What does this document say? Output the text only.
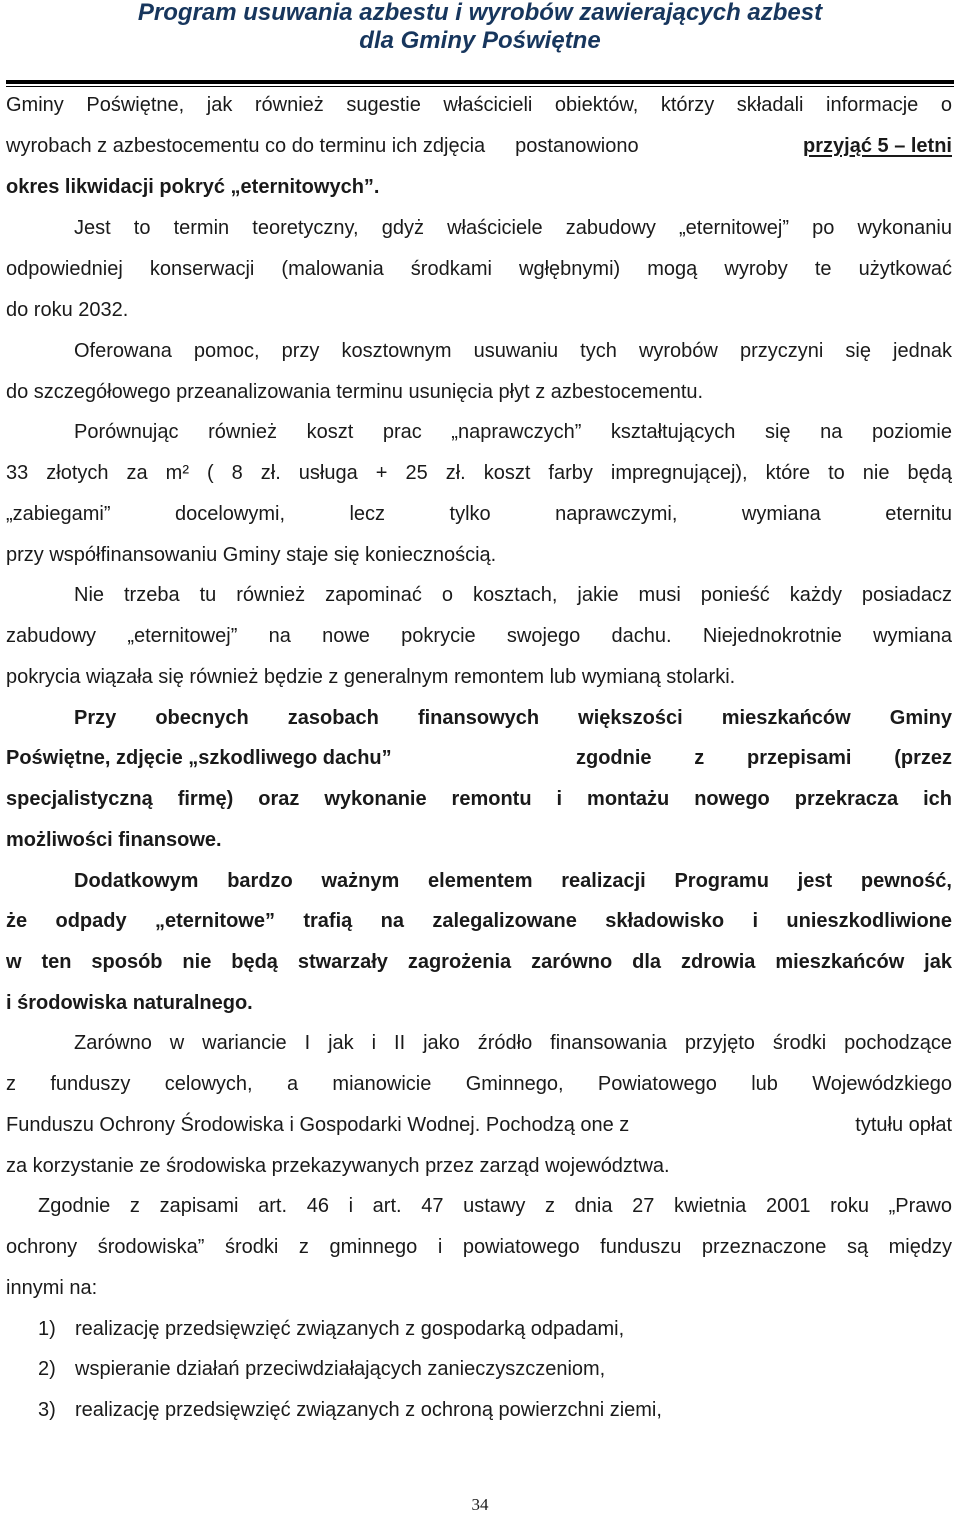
Program usuwania azbestu i wyrobów zawierających azbest
dla Gminy Poświętne
Gminy Poświętne, jak również sugestie właścicieli obiektów, którzy składali informacje o
wyrobach z azbestocementu co do terminu ich zdjęcia postanowiono	przyjąć 5 – letni
okres likwidacji pokryć „eternitowych”.
Jest to termin teoretyczny, gdyż właściciele zabudowy „eternitowej” po wykonaniu
odpowiedniej konserwacji (malowania środkami wgłębnymi) mogą wyroby te użytkować
do roku 2032.
Oferowana pomoc, przy kosztownym usuwaniu tych wyrobów przyczyni się jednak
do szczegółowego przeanalizowania terminu usunięcia płyt z azbestocementu.
Porównując również koszt prac „naprawczych” kształtujących się na poziomie
33 złotych za m² ( 8 zł. usługa + 25 zł. koszt farby impregnującej), które to nie będą
„zabiegami” docelowymi, lecz tylko naprawczymi, wymiana eternitu
przy współfinansowaniu Gminy staje się koniecznością.
Nie trzeba tu również zapominać o kosztach, jakie musi ponieść każdy posiadacz
zabudowy „eternitowej” na nowe pokrycie swojego dachu. Niejednokrotnie wymiana
pokrycia wiązała się również będzie z generalnym remontem lub wymianą stolarki.
Przy obecnych zasobach finansowych większości mieszkańców Gminy
Poświętne, zdjęcie „szkodliwego dachu”	zgodnie z przepisami (przez
specjalistyczną firmę) oraz wykonanie remontu i montażu nowego przekracza ich
możliwości finansowe.
Dodatkowym bardzo ważnym elementem realizacji Programu jest pewność,
że odpady „eternitowe” trafią na zalegalizowane składowisko i unieszkodliwione
w ten sposób nie będą stwarzały zagrożenia zarówno dla zdrowia mieszkańców jak
i środowiska naturalnego.
Zarówno w wariancie I jak i II jako źródło finansowania przyjęto środki pochodzące
z funduszy celowych, a mianowicie Gminnego, Powiatowego lub Wojewódzkiego
Funduszu Ochrony Środowiska i Gospodarki Wodnej. Pochodzą one z	tytułu opłat
za korzystanie ze środowiska przekazywanych przez zarząd województwa.
Zgodnie z zapisami art. 46 i art. 47 ustawy z dnia 27 kwietnia 2001 roku „Prawo
ochrony środowiska” środki z gminnego i powiatowego funduszu przeznaczone są między
innymi na:
1) realizację przedsięwzięć związanych z gospodarką odpadami,
2) wspieranie działań przeciwdziałających zanieczyszczeniom,
3) realizację przedsięwzięć związanych z ochroną powierzchni ziemi,
34
